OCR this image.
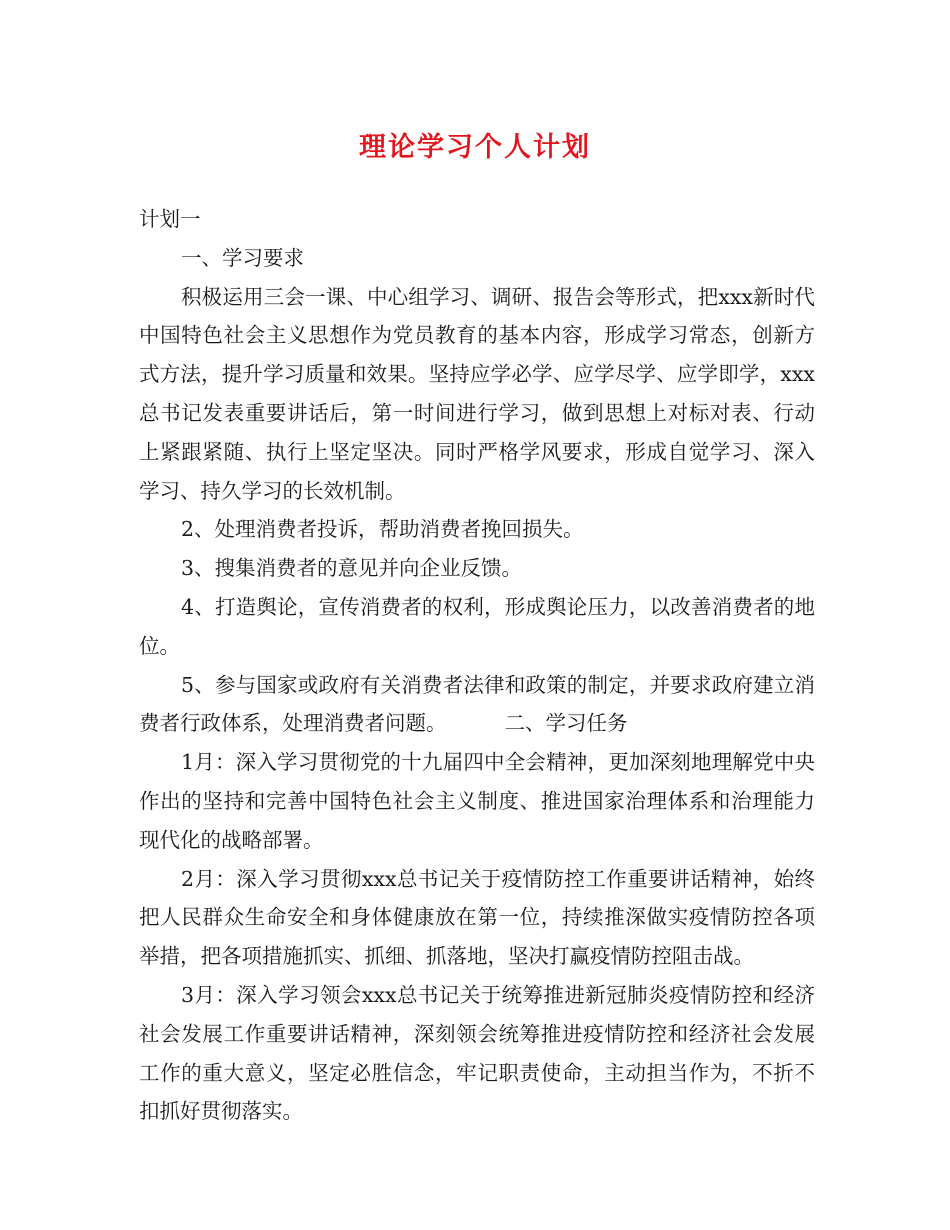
理论学习个人计划

计划一

一、学习要求

积极运用三会一课、中心组学习、调研、报告会等形式，把xxx新时代中国特色社会主义思想作为党员教育的基本内容，形成学习常态，创新方式方法，提升学习质量和效果。坚持应学必学、应学尽学、应学即学，xxx总书记发表重要讲话后，第一时间进行学习，做到思想上对标对表、行动上紧跟紧随、执行上坚定坚决。同时严格学风要求，形成自觉学习、深入学习、持久学习的长效机制。

2、处理消费者投诉，帮助消费者挽回损失。

3、搜集消费者的意见并向企业反馈。

4、打造舆论，宣传消费者的权利，形成舆论压力，以改善消费者的地位。

5、参与国家或政府有关消费者法律和政策的制定，并要求政府建立消费者行政体系，处理消费者问题。	二、学习任务

1月：深入学习贯彻党的十九届四中全会精神，更加深刻地理解党中央作出的坚持和完善中国特色社会主义制度、推进国家治理体系和治理能力现代化的战略部署。

2月：深入学习贯彻xxx总书记关于疫情防控工作重要讲话精神，始终把人民群众生命安全和身体健康放在第一位，持续推深做实疫情防控各项举措，把各项措施抓实、抓细、抓落地，坚决打赢疫情防控阻击战。

3月：深入学习领会xxx总书记关于统筹推进新冠肺炎疫情防控和经济社会发展工作重要讲话精神，深刻领会统筹推进疫情防控和经济社会发展工作的重大意义，坚定必胜信念，牢记职责使命，主动担当作为，不折不扣抓好贯彻落实。
